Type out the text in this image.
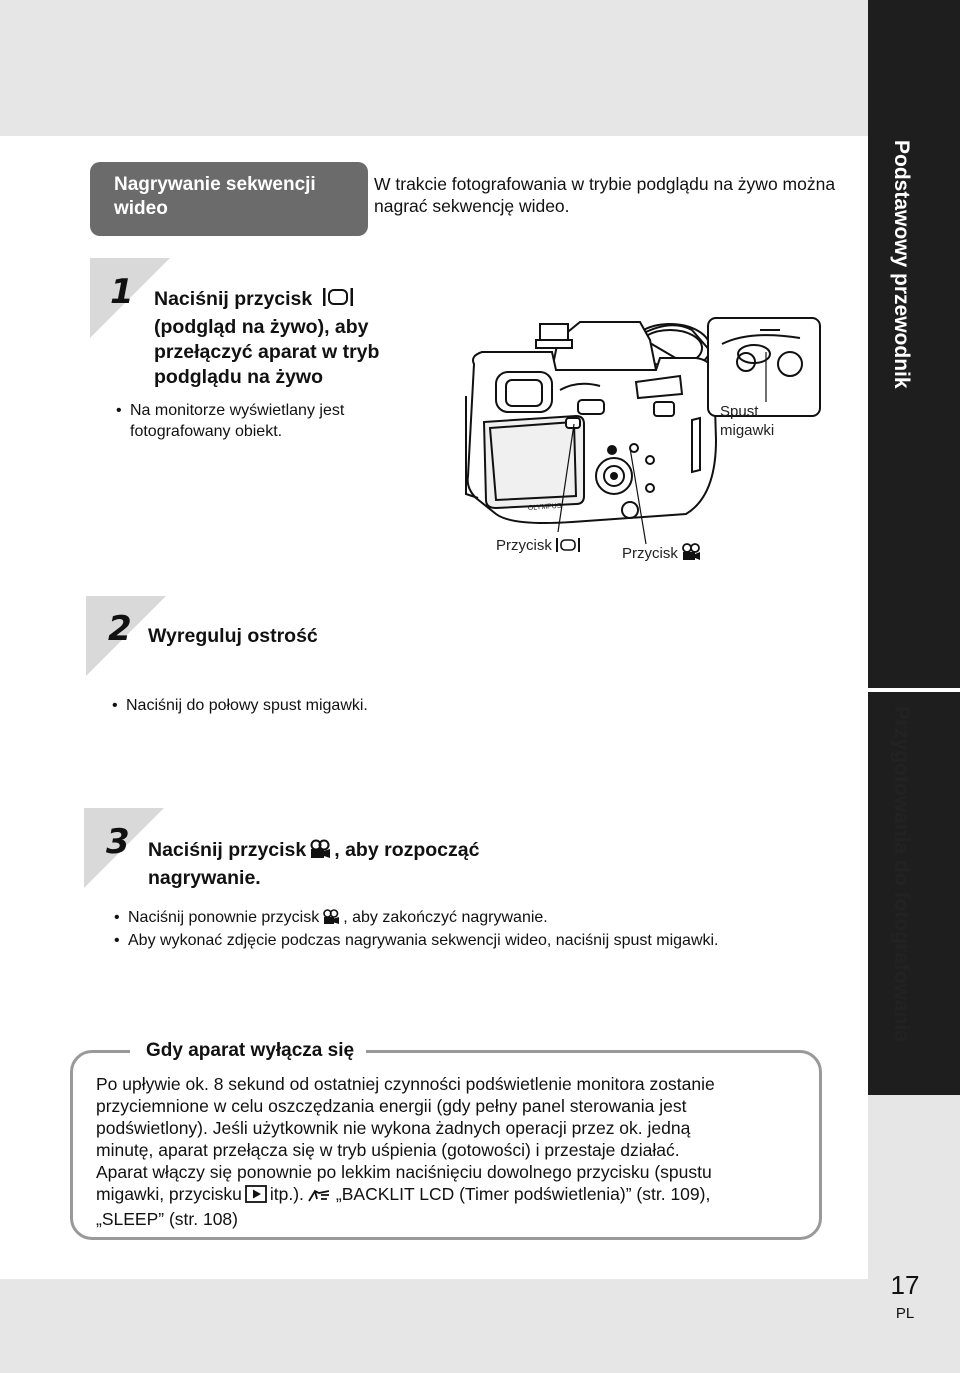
Podstawowy przewodnik
Przygotowania do fotografowania
17
PL
Nagrywanie sekwencji wideo
W trakcie fotografowania w trybie podglądu na żywo można nagrać sekwencję wideo.
1 Naciśnij przycisk
(podgląd na żywo), aby
przełączyć aparat w tryb
podglądu na żywo
• Na monitorze wyświetlany jest fotografowany obiekt.
OLYMPUS
Spust
migawki
Przycisk	Przycisk
2 Wyreguluj ostrość
• Naciśnij do połowy spust migawki.
3 Naciśnij przycisk , aby rozpocząć
nagrywanie.
• Naciśnij ponownie przycisk , aby zakończyć nagrywanie.
• Aby wykonać zdjęcie podczas nagrywania sekwencji wideo, naciśnij spust migawki.
Gdy aparat wyłącza się
Po upływie ok. 8 sekund od ostatniej czynności podświetlenie monitora zostanie
przyciemnione w celu oszczędzania energii (gdy pełny panel sterowania jest
podświetlony). Jeśli użytkownik nie wykona żadnych operacji przez ok. jedną
minutę, aparat przełącza się w tryb uśpienia (gotowości) i przestaje działać.
Aparat włączy się ponownie po lekkim naciśnięciu dowolnego przycisku (spustu
migawki, przycisku itp.). „BACKLIT LCD (Timer podświetlenia)” (str. 109),
„SLEEP” (str. 108)
